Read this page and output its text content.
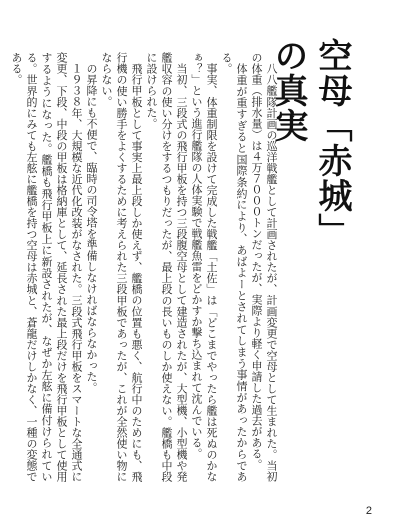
空母「赤城」の真実

八八艦隊計画の巡洋戦艦として計画されたが、計画変更で空母として生まれた。当初の体重（排水量）は４万７０００トンだったが、実際より軽く申請した過去がある。

体重が重すぎると国際条約により、あばよーとされてしまう事情があったからである。

事実、体重制限を設けて完成した戦艦「土佐」は「どこまでやったら艦は死ぬのかなぁ？」という進行艦隊の人体実験で戦艦魚雷をどかすか撃ち込まれて沈んでいる。

当初、三段式の飛行甲板を持つ三段腹空母として建造されたが、大型機、小型機や発艦収容の使い分けをするつもりだったが、最上段の長いものしか使えない。艦橋も中段に設けられた。

飛行甲板として事実上最上段しか使えず、艦橋の位置も悪く、航行中のためにも、飛行機の使い勝手をよくするために考えられた三段甲板であったが、これが全然使い物にならない。

の昇降にも不便で、臨時の司令塔を準備しなければならなかった。

１９３８年、大規模な近代化改装がなされた。三段式飛行甲板をスマートな全通式に変更、下段、中段の甲板は格納庫として、延長された最上段だけを飛行甲板として使用するようになった。艦橋も飛行甲板上に新設されたが、なぜか左舷に備付けられている。世界的にみても左舷に艦橋を持つ空母は赤城と、蒼龍だけしかなく、一種の変態である。

2
